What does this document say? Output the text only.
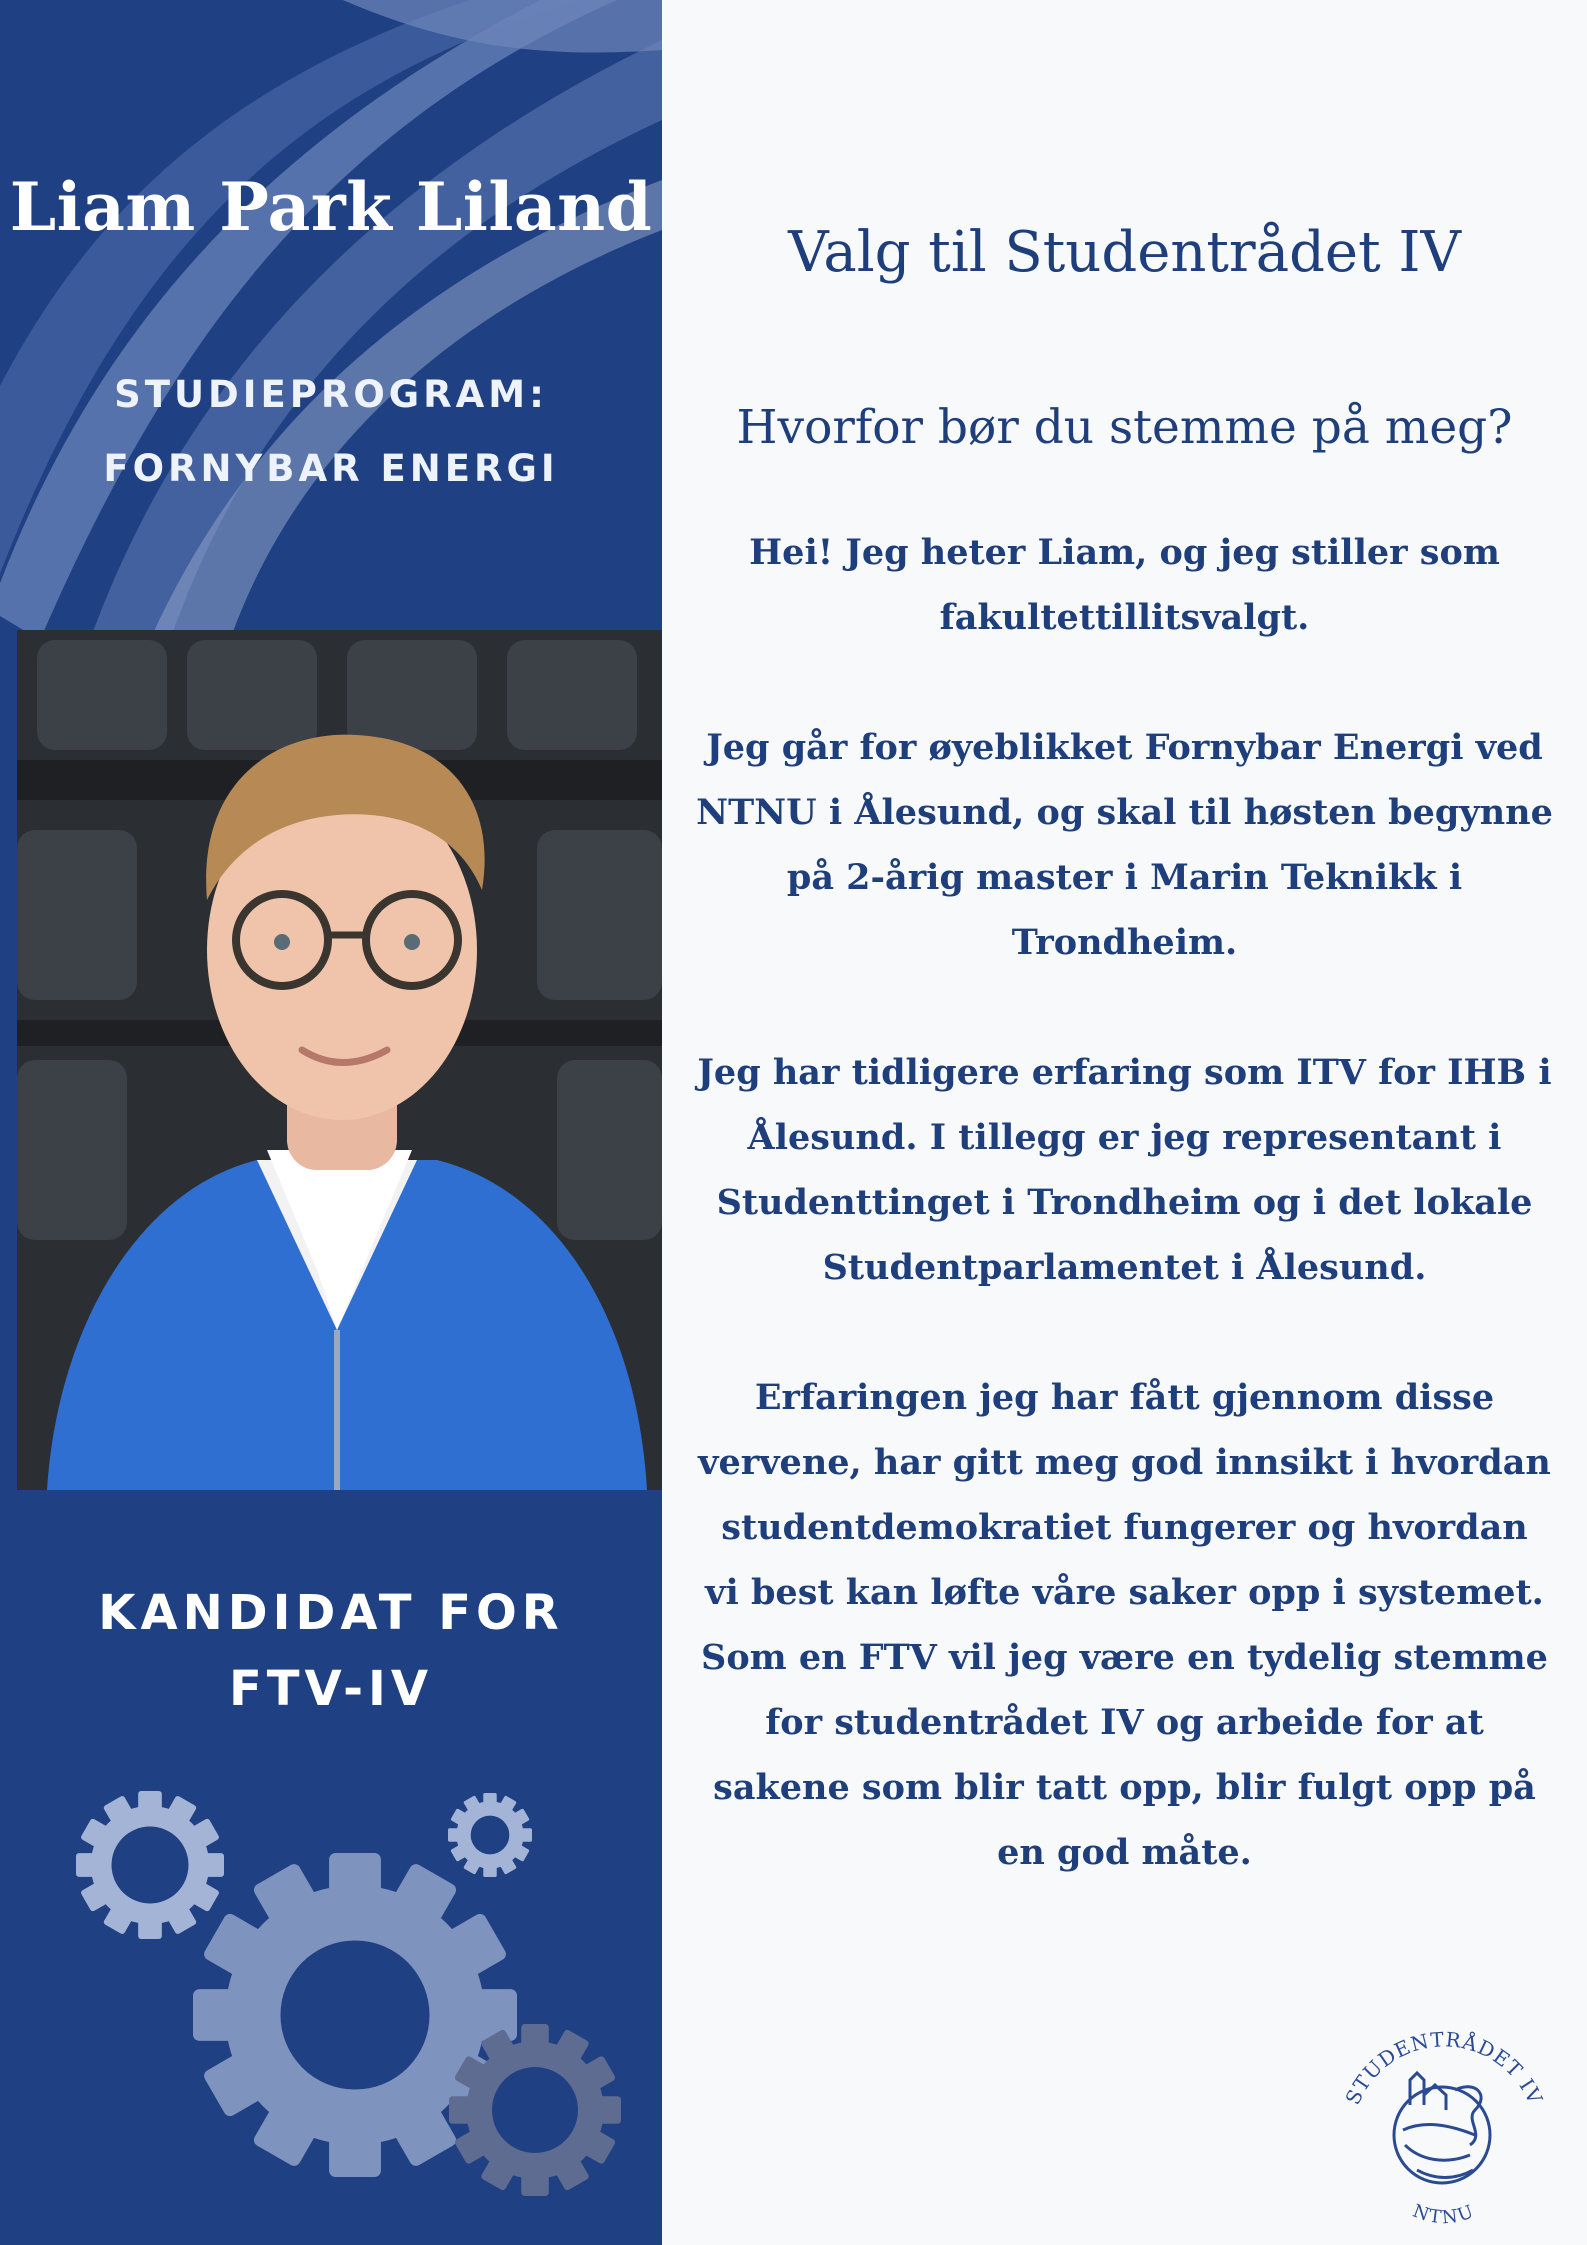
Liam Park Liland
STUDIEPROGRAM:
FORNYBAR ENERGI
KANDIDAT FOR
FTV-IV
Valg til Studentrådet IV
Hvorfor bør du stemme på meg?

Hei! Jeg heter Liam, og jeg stiller som
fakultettillitsvalgt.

Jeg går for øyeblikket Fornybar Energi ved
NTNU i Ålesund, og skal til høsten begynne
på 2-årig master i Marin Teknikk i
Trondheim.

Jeg har tidligere erfaring som ITV for IHB i
Ålesund. I tillegg er jeg representant i
Studenttinget i Trondheim og i det lokale
Studentparlamentet i Ålesund.

Erfaringen jeg har fått gjennom disse
vervene, har gitt meg god innsikt i hvordan
studentdemokratiet fungerer og hvordan
vi best kan løfte våre saker opp i systemet.
Som en FTV vil jeg være en tydelig stemme
for studentrådet IV og arbeide for at
sakene som blir tatt opp, blir fulgt opp på
en god måte.

STUDENTRÅDET IV
NTNU
